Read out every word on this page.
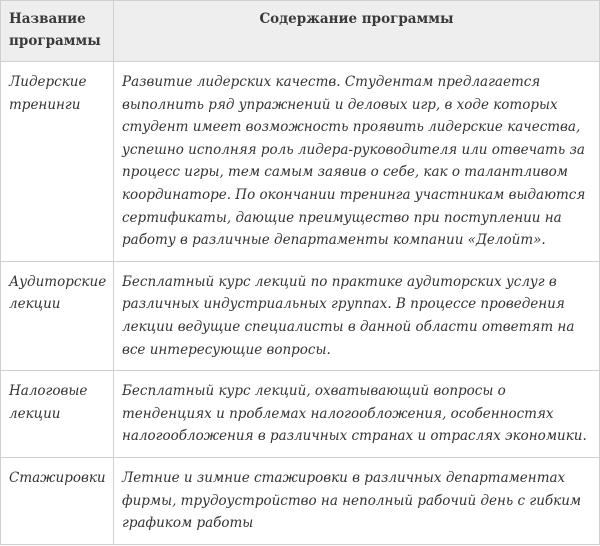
Название программы	Содержание программы
Лидерские тренинги	Развитие лидерских качеств. Студентам предлагается выполнить ряд упражнений и деловых игр, в ходе которых студент имеет возможность проявить лидерские качества, успешно исполняя роль лидера-руководителя или отвечать за процесс игры, тем самым заявив о себе, как о талантливом координаторе. По окончании тренинга участникам выдаются сертификаты, дающие преимущество при поступлении на работу в различные департаменты компании «Делойт».
Аудиторские лекции	Бесплатный курс лекций по практике аудиторских услуг в различных индустриальных группах. В процессе проведения лекции ведущие специалисты в данной области ответят на все интересующие вопросы.
Налоговые лекции	Бесплатный курс лекций, охватывающий вопросы о тенденциях и проблемах налогообложения, особенностях налогообложения в различных странах и отраслях экономики.
Стажировки	Летние и зимние стажировки в различных департаментах фирмы, трудоустройство на неполный рабочий день с гибким графиком работы
